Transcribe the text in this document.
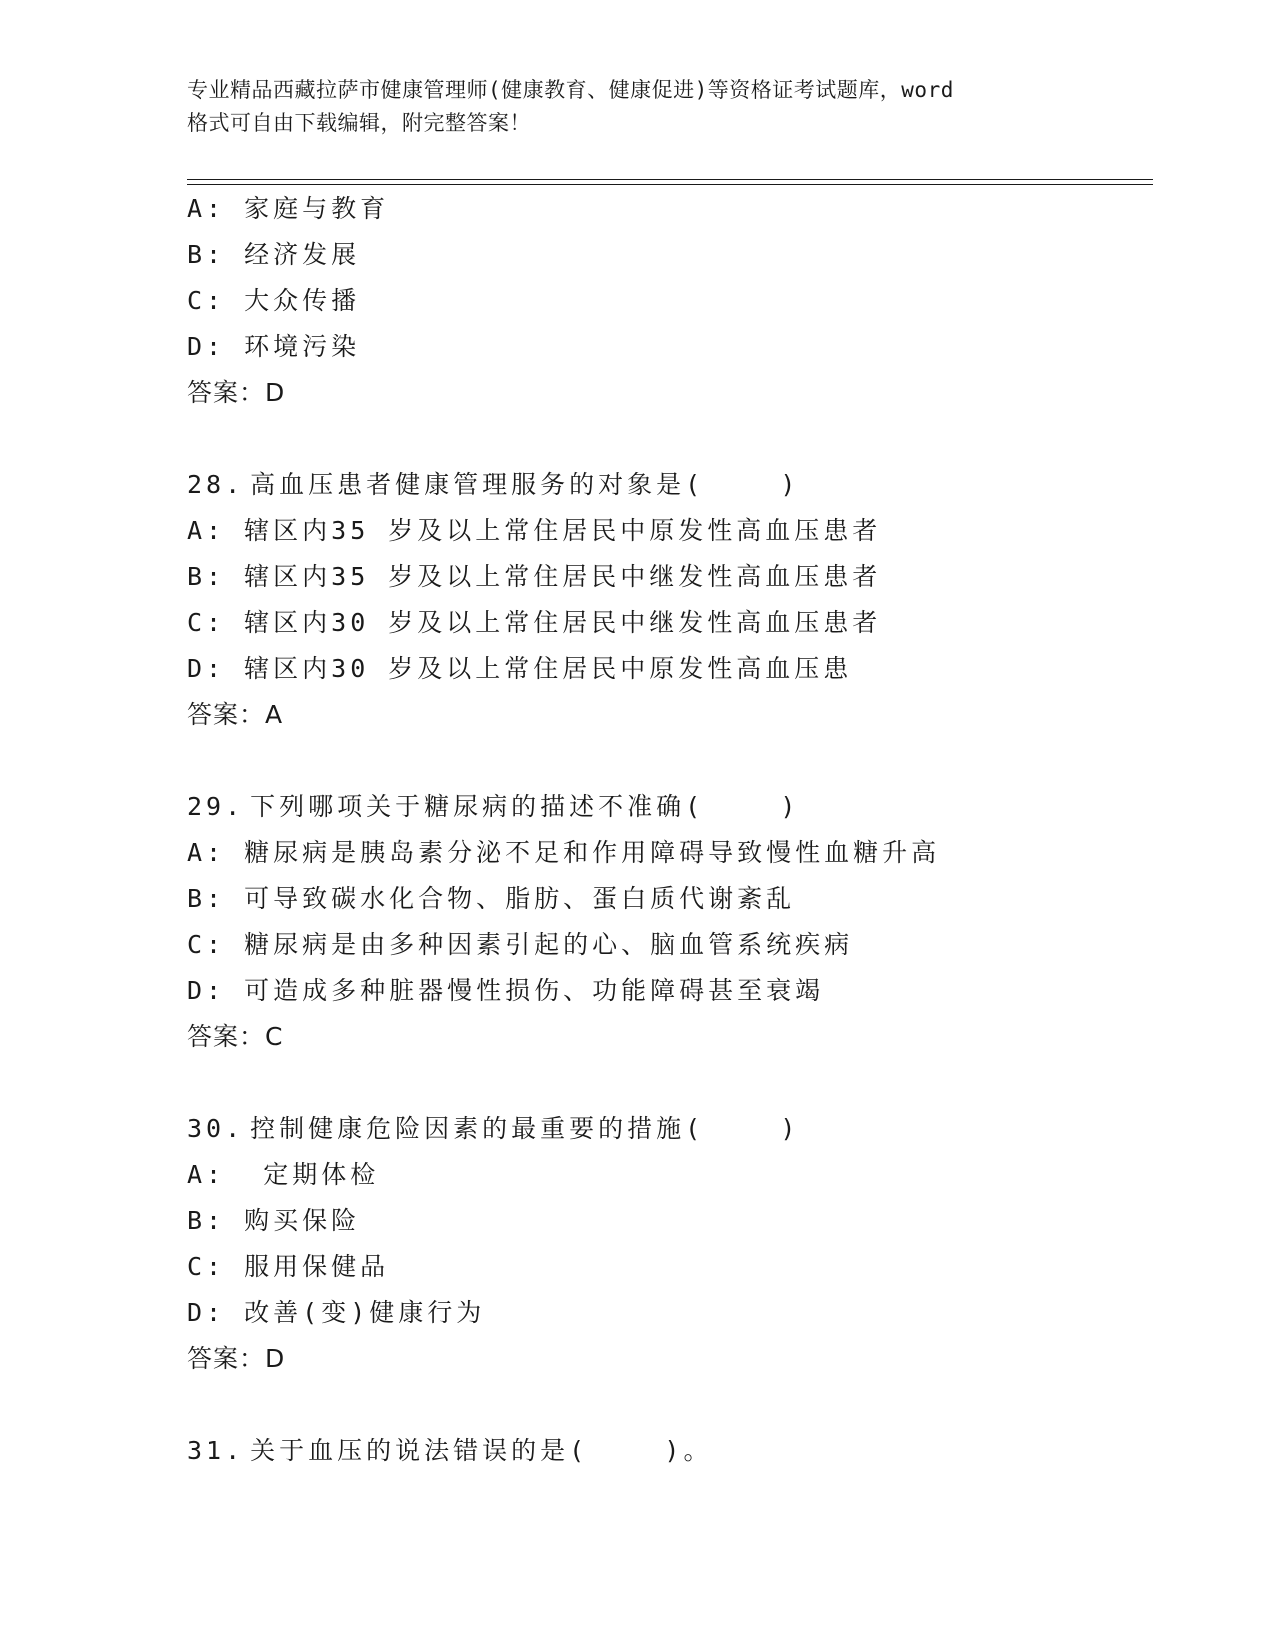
专业精品西藏拉萨市健康管理师(健康教育、健康促进)等资格证考试题库，word
格式可自由下载编辑，附完整答案！
A: 家庭与教育
B: 经济发展
C: 大众传播
D: 环境污染
答案：D
28. 高血压患者健康管理服务的对象是(    )
A: 辖区内35 岁及以上常住居民中原发性高血压患者
B: 辖区内35 岁及以上常住居民中继发性高血压患者
C: 辖区内30 岁及以上常住居民中继发性高血压患者
D: 辖区内30 岁及以上常住居民中原发性高血压患
答案：A
29. 下列哪项关于糖尿病的描述不准确(    )
A: 糖尿病是胰岛素分泌不足和作用障碍导致慢性血糖升高
B: 可导致碳水化合物、脂肪、蛋白质代谢紊乱
C: 糖尿病是由多种因素引起的心、脑血管系统疾病
D: 可造成多种脏器慢性损伤、功能障碍甚至衰竭
答案：C
30. 控制健康危险因素的最重要的措施(    )
A:  定期体检
B: 购买保险
C: 服用保健品
D: 改善(变)健康行为
答案：D
31. 关于血压的说法错误的是(    )。
